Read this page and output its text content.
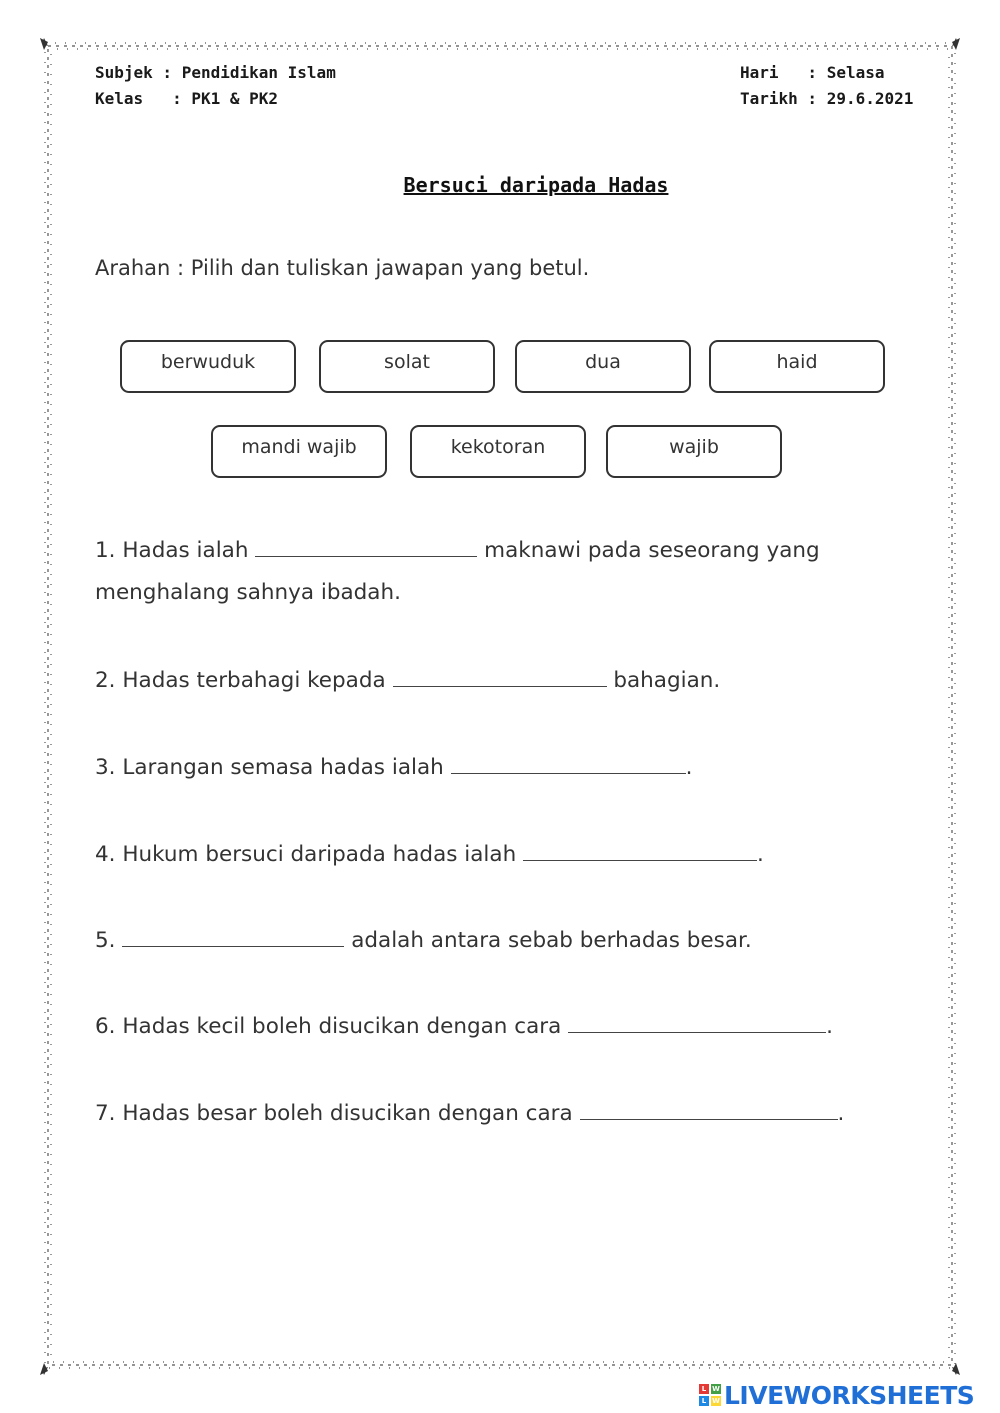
Subjek : Pendidikan Islam
Kelas   : PK1 & PK2
Hari   : Selasa
Tarikh : 29.6.2021
Bersuci daripada Hadas
Arahan : Pilih dan tuliskan jawapan yang betul.
berwuduk	solat	dua	haid
mandi wajib	kekotoran	wajib
1. Hadas ialah	maknawi pada seseorang yang
menghalang sahnya ibadah.
2. Hadas terbahagi kepada	bahagian.
3. Larangan semasa hadas ialah	.
4. Hukum bersuci daripada hadas ialah	.
5.	adalah antara sebab berhadas besar.
6. Hadas kecil boleh disucikan dengan cara	.
7. Hadas besar boleh disucikan dengan cara	.
L W
L W LIVEWORKSHEETS
